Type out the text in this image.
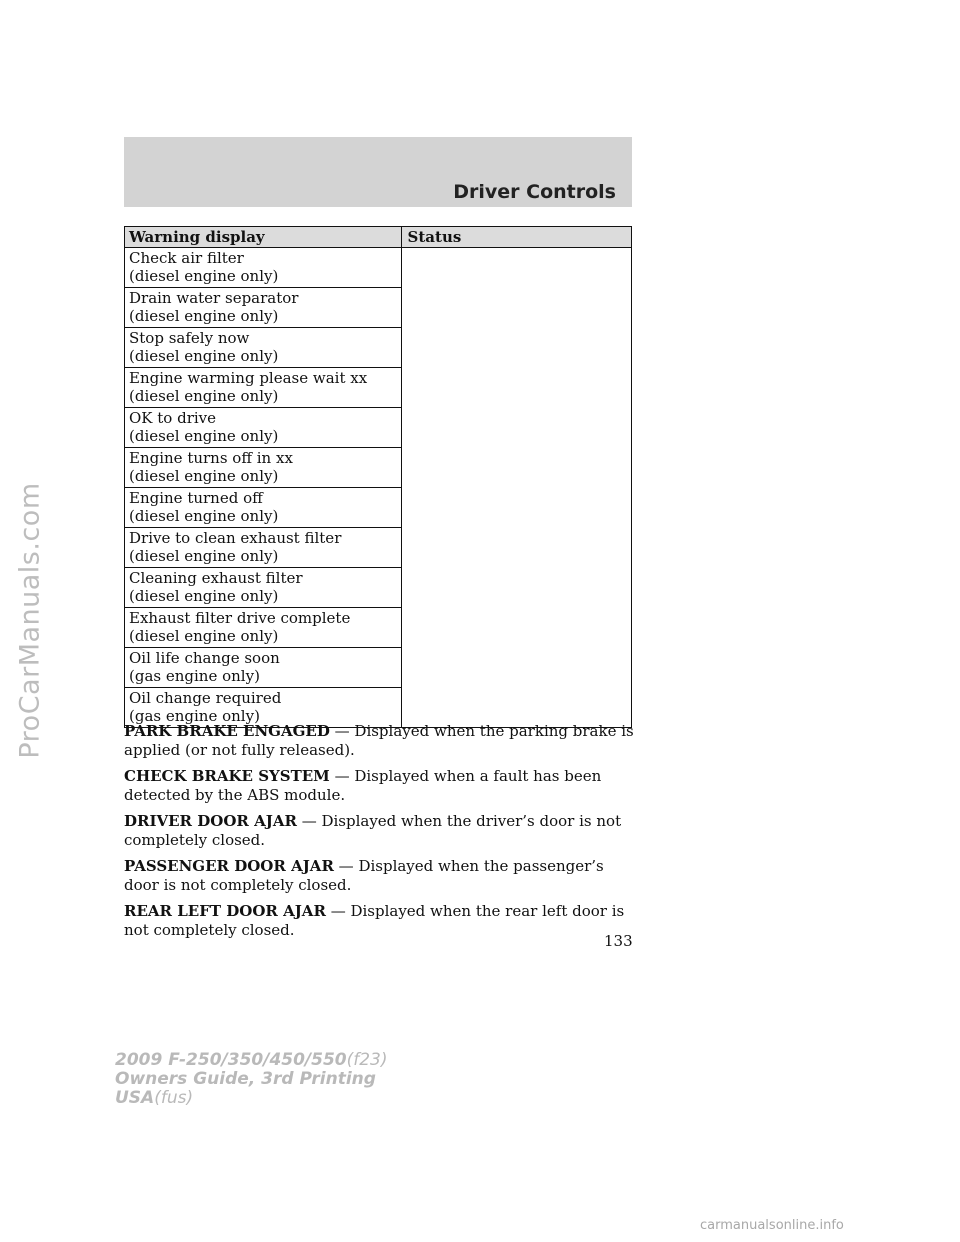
ProCarManuals.com
Driver Controls
Warning display	Status

Check air filter
(diesel engine only)	

Drain water separator
(diesel engine only)	

Stop safely now
(diesel engine only)	

Engine warming please wait xx
(diesel engine only)	

OK to drive
(diesel engine only)	

Engine turns off in xx
(diesel engine only)	

Engine turned off
(diesel engine only)	

Drive to clean exhaust filter
(diesel engine only)	

Cleaning exhaust filter
(diesel engine only)	

Exhaust filter drive complete
(diesel engine only)	

Oil life change soon
(gas engine only)	

Oil change required
(gas engine only)	

PARK BRAKE ENGAGED — Displayed when the parking brake is applied (or not fully released).

CHECK BRAKE SYSTEM — Displayed when a fault has been detected by the ABS module.

DRIVER DOOR AJAR — Displayed when the driver’s door is not completely closed.

PASSENGER DOOR AJAR — Displayed when the passenger’s door is not completely closed.

REAR LEFT DOOR AJAR — Displayed when the rear left door is not completely closed.

133
2009 F-250/350/450/550(f23)
Owners Guide, 3rd Printing
USA(fus)
carmanualsonline.info
